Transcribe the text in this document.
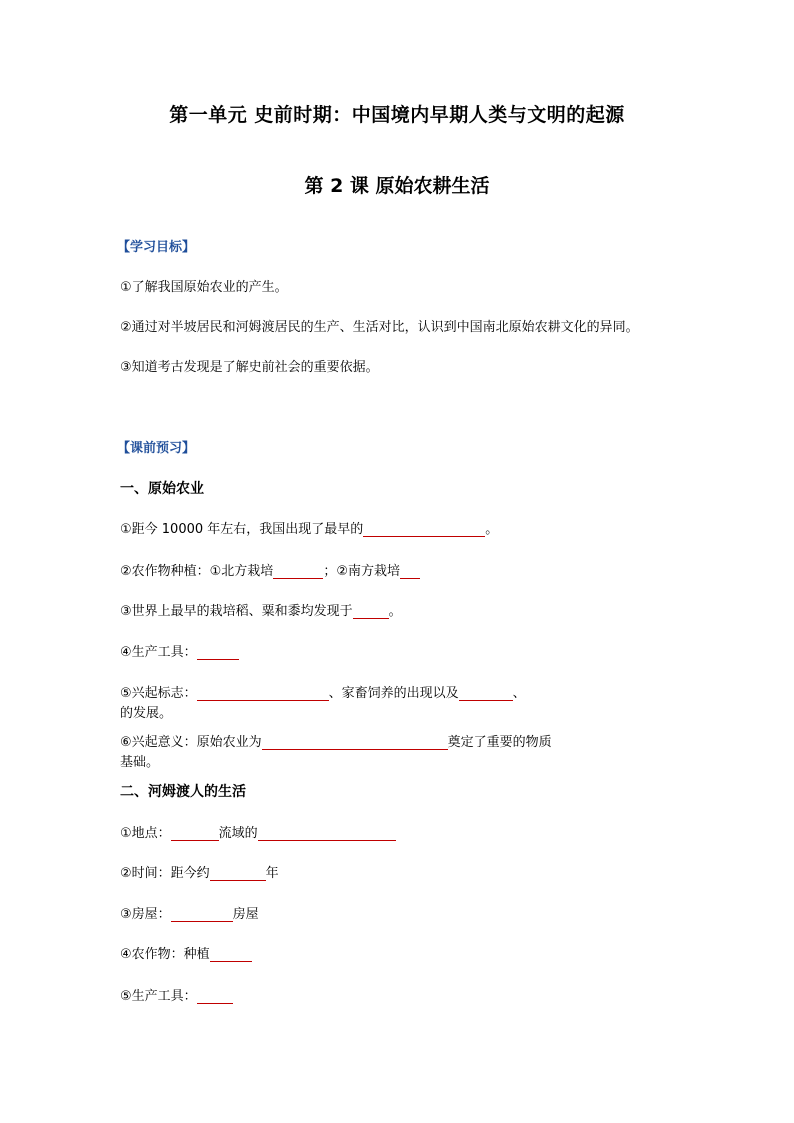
第一单元 史前时期：中国境内早期人类与文明的起源
第 2 课 原始农耕生活
【学习目标】
①了解我国原始农业的产生。
②通过对半坡居民和河姆渡居民的生产、生活对比，认识到中国南北原始农耕文化的异同。
③知道考古发现是了解史前社会的重要依据。
【课前预习】
一、原始农业
①距今 10000 年左右，我国出现了最早的	。
②农作物种植：①北方栽培	；②南方栽培
③世界上最早的栽培稻、粟和黍均发现于	。
④生产工具：
⑤兴起标志：	、家畜饲养的出现以及	、
的发展。
⑥兴起意义：原始农业为	奠定了重要的物质
基础。
二、河姆渡人的生活
①地点：	流域的
②时间：距今约	年
③房屋：	房屋
④农作物：种植
⑤生产工具：
